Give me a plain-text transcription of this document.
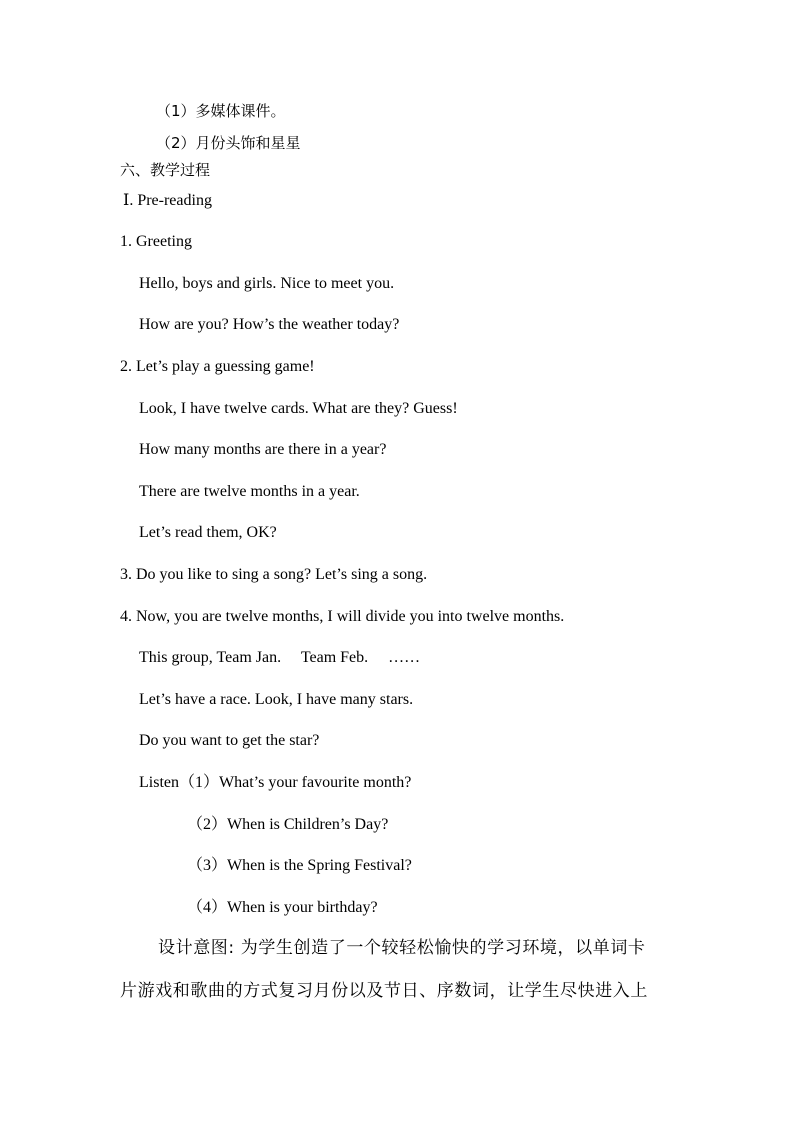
（1）多媒体课件。
（2）月份头饰和星星
六、教学过程
Ⅰ. Pre-reading
1. Greeting
Hello, boys and girls. Nice to meet you.
How are you? How’s the weather today?
2. Let’s play a guessing game!
Look, I have twelve cards. What are they? Guess!
How many months are there in a year?
There are twelve months in a year.
Let’s read them, OK?
3. Do you like to sing a song? Let’s sing a song.
4. Now, you are twelve months, I will divide you into twelve months.
This group, Team Jan.     Team Feb.     ……
Let’s have a race. Look, I have many stars.
Do you want to get the star?
Listen（1）What’s your favourite month?
（2）When is Children’s Day?
（3）When is the Spring Festival?
（4）When is your birthday?
设计意图: 为学生创造了一个较轻松愉快的学习环境，以单词卡
片游戏和歌曲的方式复习月份以及节日、序数词，让学生尽快进入上
